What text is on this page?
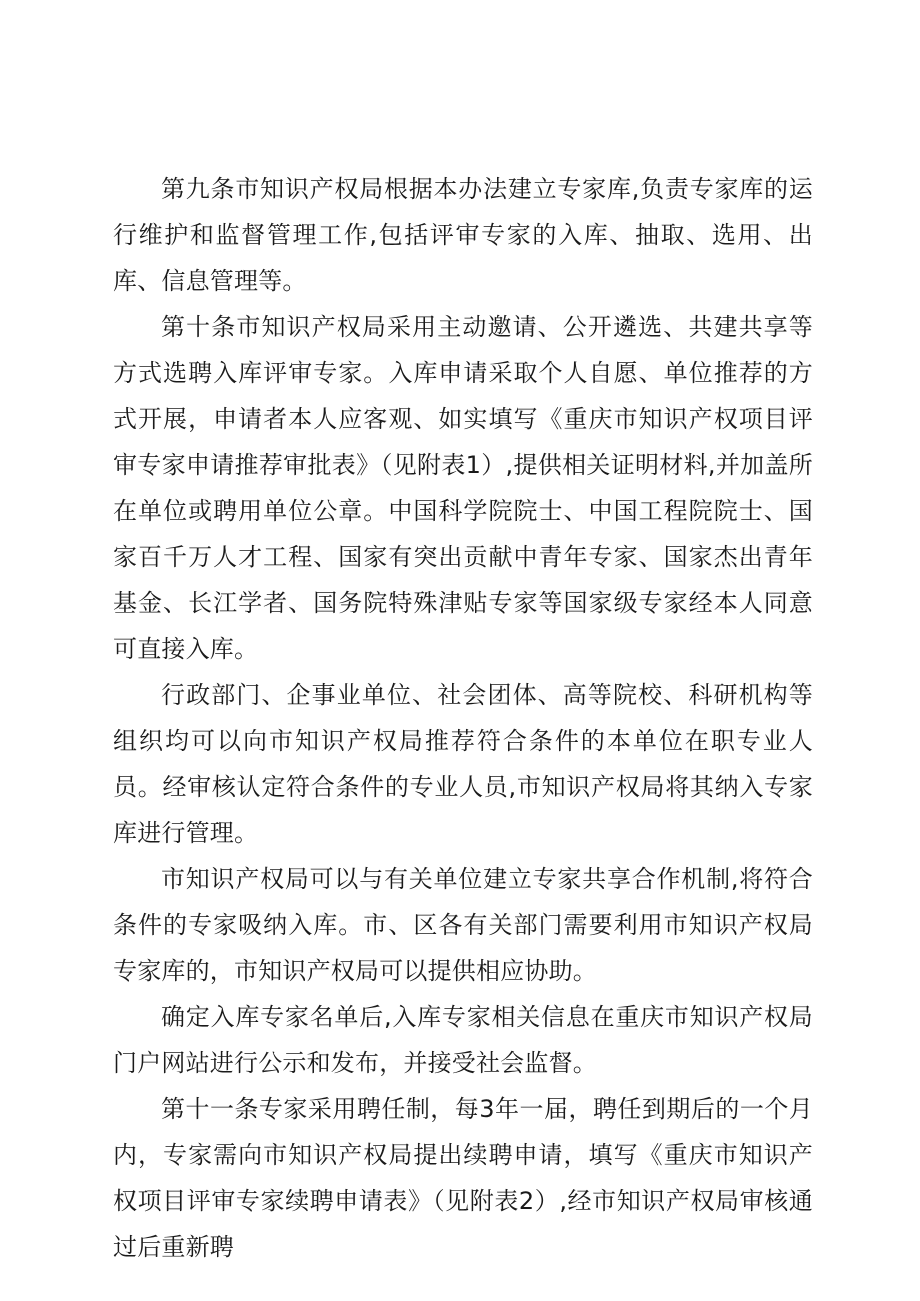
第九条市知识产权局根据本办法建立专家库,负责专家库的运行维护和监督管理工作,包括评审专家的入库、抽取、选用、出库、信息管理等。

第十条市知识产权局采用主动邀请、公开遴选、共建共享等方式选聘入库评审专家。入库申请采取个人自愿、单位推荐的方式开展，申请者本人应客观、如实填写《重庆市知识产权项目评审专家申请推荐审批表》（见附表1）,提供相关证明材料,并加盖所在单位或聘用单位公章。中国科学院院士、中国工程院院士、国家百千万人才工程、国家有突出贡献中青年专家、国家杰出青年基金、长江学者、国务院特殊津贴专家等国家级专家经本人同意可直接入库。

行政部门、企事业单位、社会团体、高等院校、科研机构等组织均可以向市知识产权局推荐符合条件的本单位在职专业人员。经审核认定符合条件的专业人员,市知识产权局将其纳入专家库进行管理。

市知识产权局可以与有关单位建立专家共享合作机制,将符合条件的专家吸纳入库。市、区各有关部门需要利用市知识产权局专家库的，市知识产权局可以提供相应协助。

确定入库专家名单后,入库专家相关信息在重庆市知识产权局门户网站进行公示和发布，并接受社会监督。

第十一条专家采用聘任制，每3年一届，聘任到期后的一个月内，专家需向市知识产权局提出续聘申请，填写《重庆市知识产权项目评审专家续聘申请表》（见附表2）,经市知识产权局审核通过后重新聘
